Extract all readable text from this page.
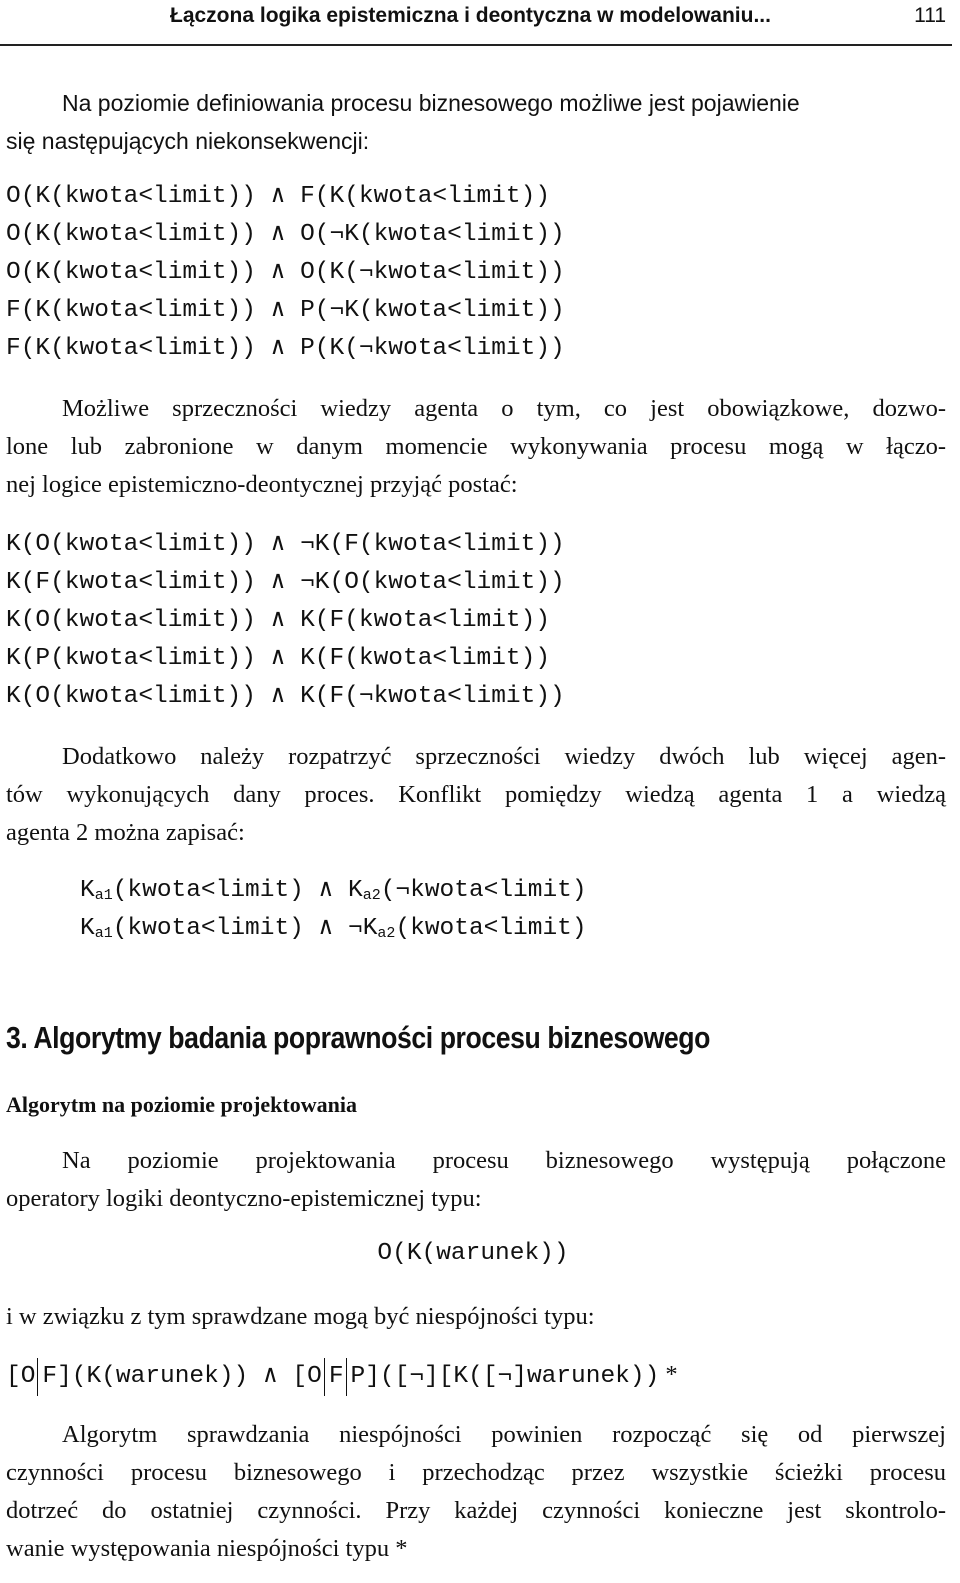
Łączona logika epistemiczna i deontyczna w modelowaniu...	111

Na poziomie definiowania procesu biznesowego możliwe jest pojawienie
się następujących niekonsekwencji:

O(K(kwota<limit)) ∧ F(K(kwota<limit))
O(K(kwota<limit)) ∧ O(¬K(kwota<limit))
O(K(kwota<limit)) ∧ O(K(¬kwota<limit))
F(K(kwota<limit)) ∧ P(¬K(kwota<limit))
F(K(kwota<limit)) ∧ P(K(¬kwota<limit))

Możliwe sprzeczności wiedzy agenta o tym, co jest obowiązkowe, dozwo-
lone lub zabronione w danym momencie wykonywania procesu mogą w łączo-
nej logice epistemiczno-deontycznej przyjąć postać:

K(O(kwota<limit)) ∧ ¬K(F(kwota<limit))
K(F(kwota<limit)) ∧ ¬K(O(kwota<limit))
K(O(kwota<limit)) ∧ K(F(kwota<limit))
K(P(kwota<limit)) ∧ K(F(kwota<limit))
K(O(kwota<limit)) ∧ K(F(¬kwota<limit))

Dodatkowo należy rozpatrzyć sprzeczności wiedzy dwóch lub więcej agen-
tów wykonujących dany proces. Konflikt pomiędzy wiedzą agenta 1 a wiedzą
agenta 2 można zapisać:

$K_{a1}(kwota<limit)$ ∧ $K_{a2}(\neg kwota<limit)$
$K_{a1}(kwota<limit)$ ∧ $\neg K_{a2}(kwota<limit)$
3. Algorytmy badania poprawności procesu biznesowego
Algorytm na poziomie projektowania

Na poziomie projektowania procesu biznesowego występują połączone
operatory logiki deontyczno-epistemicznej typu:

O(K(warunek))

i w związku z tym sprawdzane mogą być niespójności typu:

[O F](K(warunek)) ∧ [O F P]([¬][K([¬]warunek)) *

Algorytm sprawdzania niespójności powinien rozpocząć się od pierwszej
czynności procesu biznesowego i przechodząc przez wszystkie ścieżki procesu
dotrzeć do ostatniej czynności. Przy każdej czynności konieczne jest skontrolo-
wanie występowania niespójności typu *
